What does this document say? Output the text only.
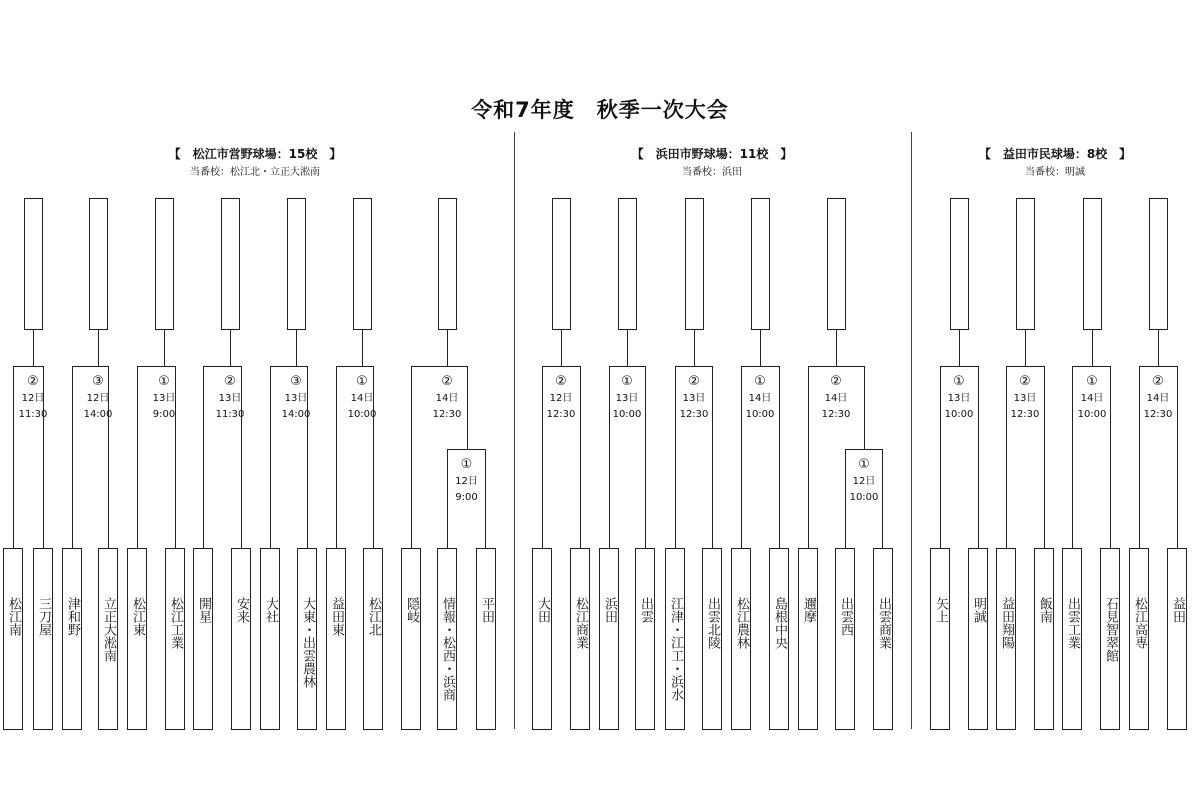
令和7年度　秋季一次大会
【　松江市営野球場：15校　】
当番校：松江北・立正大淞南
松江南 三刀屋 津和野 立正大淞南 松江東 松江工業 開星 安来 大社 大東・出雲農林 益田東 松江北 隠岐 情報・松西・浜商 平田
①
12日
9:00
②
12日
11:30
③
12日
14:00
①
13日
9:00
②
13日
11:30
③
13日
14:00
①
14日
10:00
②
14日
12:30
【　浜田市野球場：11校　】
当番校：浜田
大田 松江商業 浜田 出雲 江津・江工・浜水 出雲北陵 松江農林 島根中央 邇摩 出雲西 出雲商業
①
12日
10:00
②
12日
12:30
①
13日
10:00
②
13日
12:30
①
14日
10:00
②
14日
12:30
【　益田市民球場：8校　】
当番校：明誠
矢上 明誠 益田翔陽 飯南 出雲工業 石見智翠館 松江高専 益田
①
13日
10:00
②
13日
12:30
①
14日
10:00
②
14日
12:30
